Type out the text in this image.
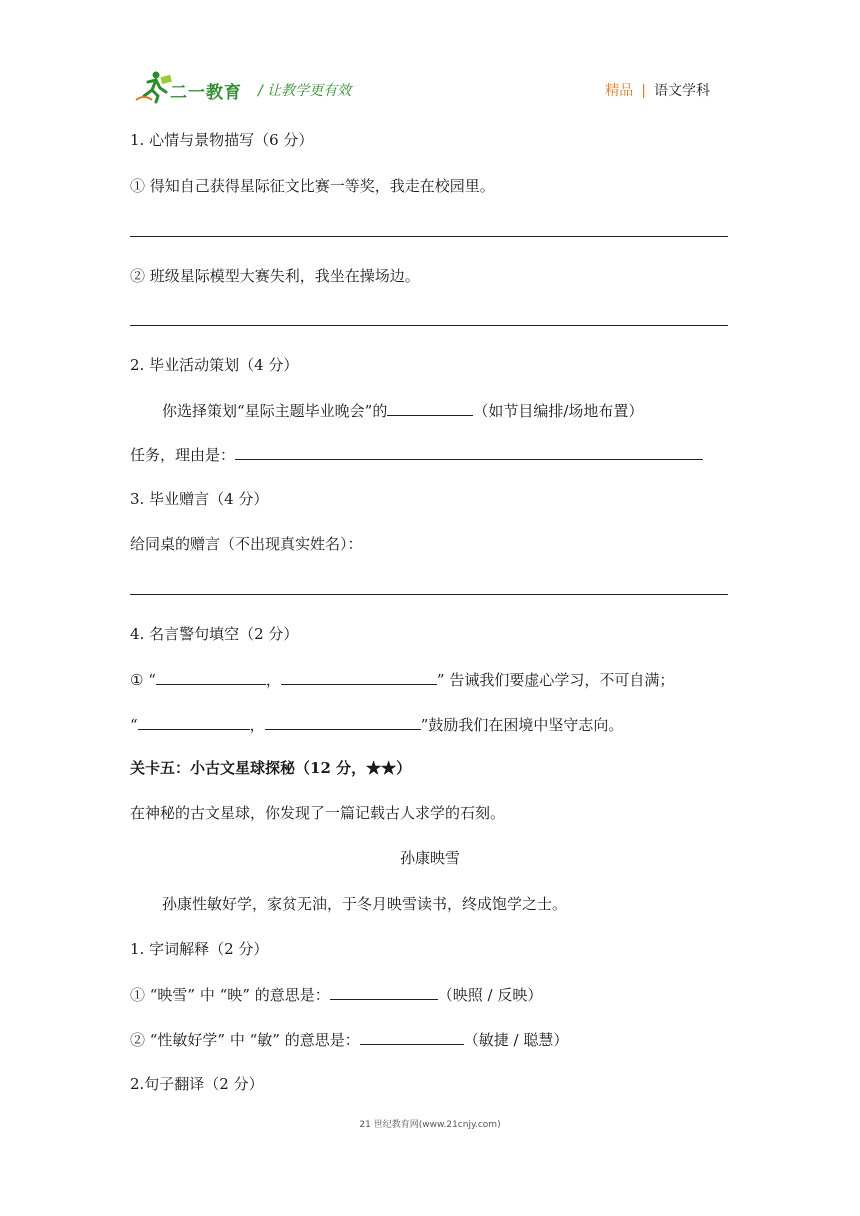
二一教育 / 让教学更有效	精品 | 语文学科
1. 心情与景物描写（6 分）
① 得知自己获得星际征文比赛一等奖，我走在校园里。
② 班级星际模型大赛失利，我坐在操场边。
2. 毕业活动策划（4 分）
你选择策划“星际主题毕业晚会”的	（如节目编排/场地布置）
任务，理由是：
3. 毕业赠言（4 分）
给同桌的赠言（不出现真实姓名）：
4. 名言警句填空（2 分）
① “	，	” 告诫我们要虚心学习，不可自满；
“	，	”鼓励我们在困境中坚守志向。
关卡五：小古文星球探秘（12 分，★★）
在神秘的古文星球，你发现了一篇记载古人求学的石刻。
孙康映雪
孙康性敏好学，家贫无油，于冬月映雪读书，终成饱学之士。
1. 字词解释（2 分）
① “映雪” 中 “映” 的意思是：	（映照 / 反映）
② “性敏好学” 中 “敏” 的意思是：	（敏捷 / 聪慧）
2.句子翻译（2 分）
21 世纪教育网(www.21cnjy.com)
